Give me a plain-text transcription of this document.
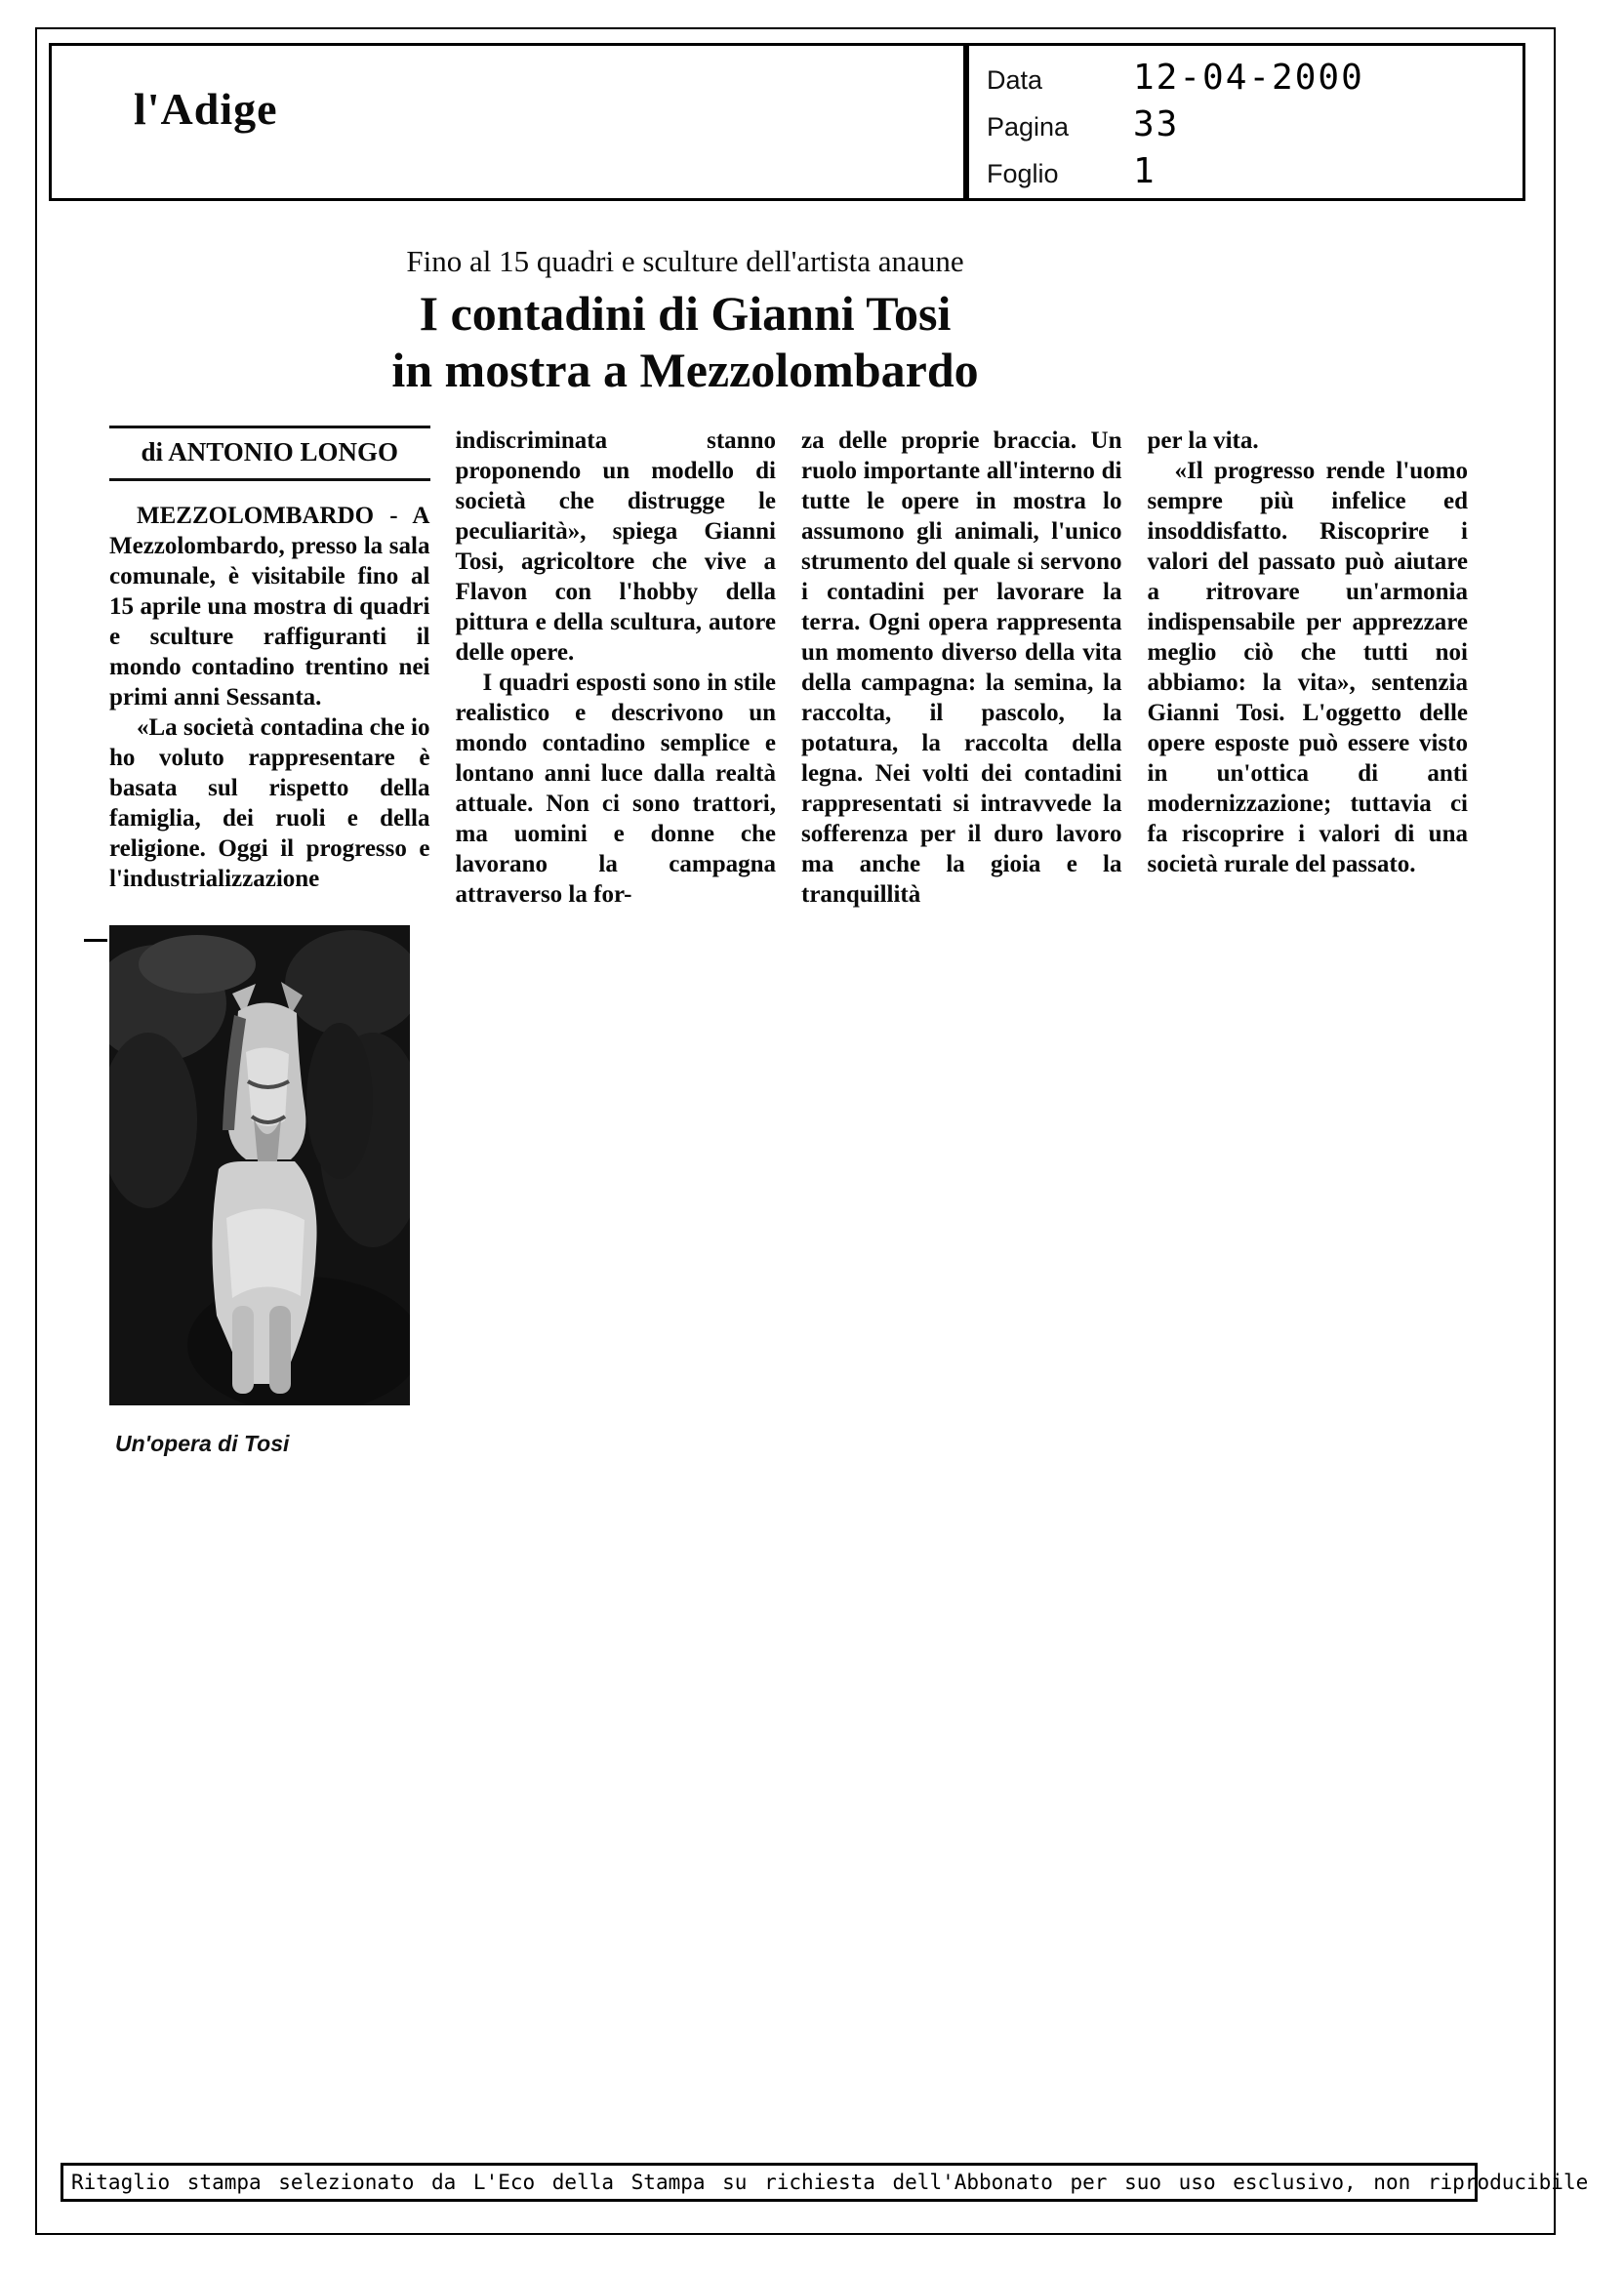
l'Adige
Data	12-04-2000
Pagina	33
Foglio	1
Fino al 15 quadri e sculture dell'artista anaune
I contadini di Gianni Tosi
in mostra a Mezzolombardo
di ANTONIO LONGO

MEZZOLOMBARDO - A Mezzolombardo, presso la sala comunale, è visitabile fino al 15 aprile una mostra di quadri e sculture raffiguranti il mondo contadino trentino nei primi anni Sessanta.

«La società contadina che io ho voluto rappresentare è basata sul rispetto della famiglia, dei ruoli e della religione. Oggi il progresso e l'industrializzazione

indiscriminata stanno proponendo un modello di società che distrugge le peculiarità», spiega Gianni Tosi, agricoltore che vive a Flavon con l'hobby della pittura e della scultura, autore delle opere.

I quadri esposti sono in stile realistico e descrivono un mondo contadino semplice e lontano anni luce dalla realtà attuale. Non ci sono trattori, ma uomini e donne che lavorano la campagna attraverso la for-

za delle proprie braccia. Un ruolo importante all'interno di tutte le opere in mostra lo assumono gli animali, l'unico strumento del quale si servono i contadini per lavorare la terra. Ogni opera rappresenta un momento diverso della vita della campagna: la semina, la raccolta, il pascolo, la potatura, la raccolta della legna. Nei volti dei contadini rappresentati si intravvede la sofferenza per il duro lavoro ma anche la gioia e la tranquillità

per la vita.

«Il progresso rende l'uomo sempre più infelice ed insoddisfatto. Riscoprire i valori del passato può aiutare a ritrovare un'armonia indispensabile per apprezzare meglio ciò che tutti noi abbiamo: la vita», sentenzia Gianni Tosi. L'oggetto delle opere esposte può essere visto in un'ottica di anti modernizzazione; tuttavia ci fa riscoprire i valori di una società rurale del passato.

Un'opera di Tosi
Ritaglio stampa selezionato da L'Eco della Stampa su richiesta dell'Abbonato per suo uso esclusivo, non riproducibile
